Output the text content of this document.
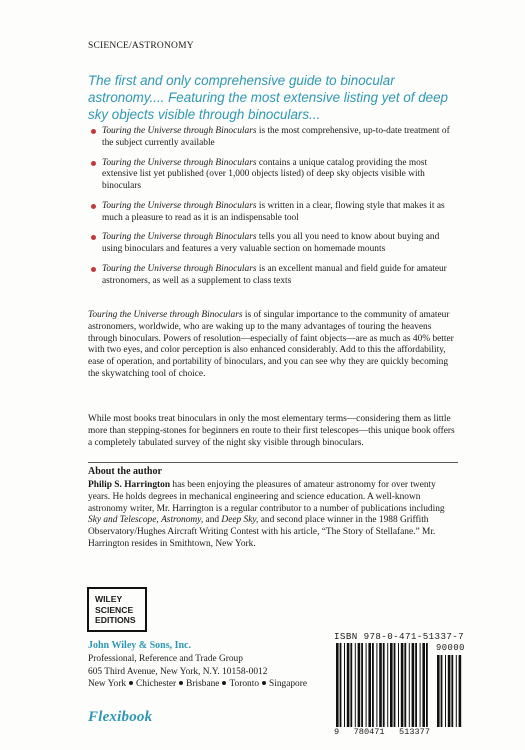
SCIENCE/ASTRONOMY
The first and only comprehensive guide to binocular astronomy.... Featuring the most extensive listing yet of deep sky objects visible through binoculars...
Touring the Universe through Binoculars is the most comprehensive, up-to-date treatment of the subject currently available
Touring the Universe through Binoculars contains a unique catalog providing the most extensive list yet published (over 1,000 objects listed) of deep sky objects visible with binoculars
Touring the Universe through Binoculars is written in a clear, flowing style that makes it as much a pleasure to read as it is an indispensable tool
Touring the Universe through Binoculars tells you all you need to know about buying and using binoculars and features a very valuable section on homemade mounts
Touring the Universe through Binoculars is an excellent manual and field guide for amateur astronomers, as well as a supplement to class texts

Touring the Universe through Binoculars is of singular importance to the community of amateur astronomers, worldwide, who are waking up to the many advantages of touring the heavens through binoculars. Powers of resolution—especially of faint objects—are as much as 40% better with two eyes, and color perception is also enhanced considerably. Add to this the affordability, ease of operation, and portability of binoculars, and you can see why they are quickly becoming the skywatching tool of choice.

While most books treat binoculars in only the most elementary terms—considering them as little more than stepping-stones for beginners en route to their first telescopes—this unique book offers a completely tabulated survey of the night sky visible through binoculars.

About the author

Philip S. Harrington has been enjoying the pleasures of amateur astronomy for over twenty years. He holds degrees in mechanical engineering and science education. A well-known astronomy writer, Mr. Harrington is a regular contributor to a number of publications including Sky and Telescope, Astronomy, and Deep Sky, and second place winner in the 1988 Griffith Observatory/Hughes Aircraft Writing Contest with his article, “The Story of Stellafane.” Mr. Harrington resides in Smithtown, New York.

WILEY
SCIENCE
EDITIONS
John Wiley & Sons, Inc.
Professional, Reference and Trade Group
605 Third Avenue, New York, N.Y. 10158-0012
New York Chichester Brisbane Toronto Singapore
Flexibook
ISBN 978-0-471-51337-7
90000
9 780471 513377
